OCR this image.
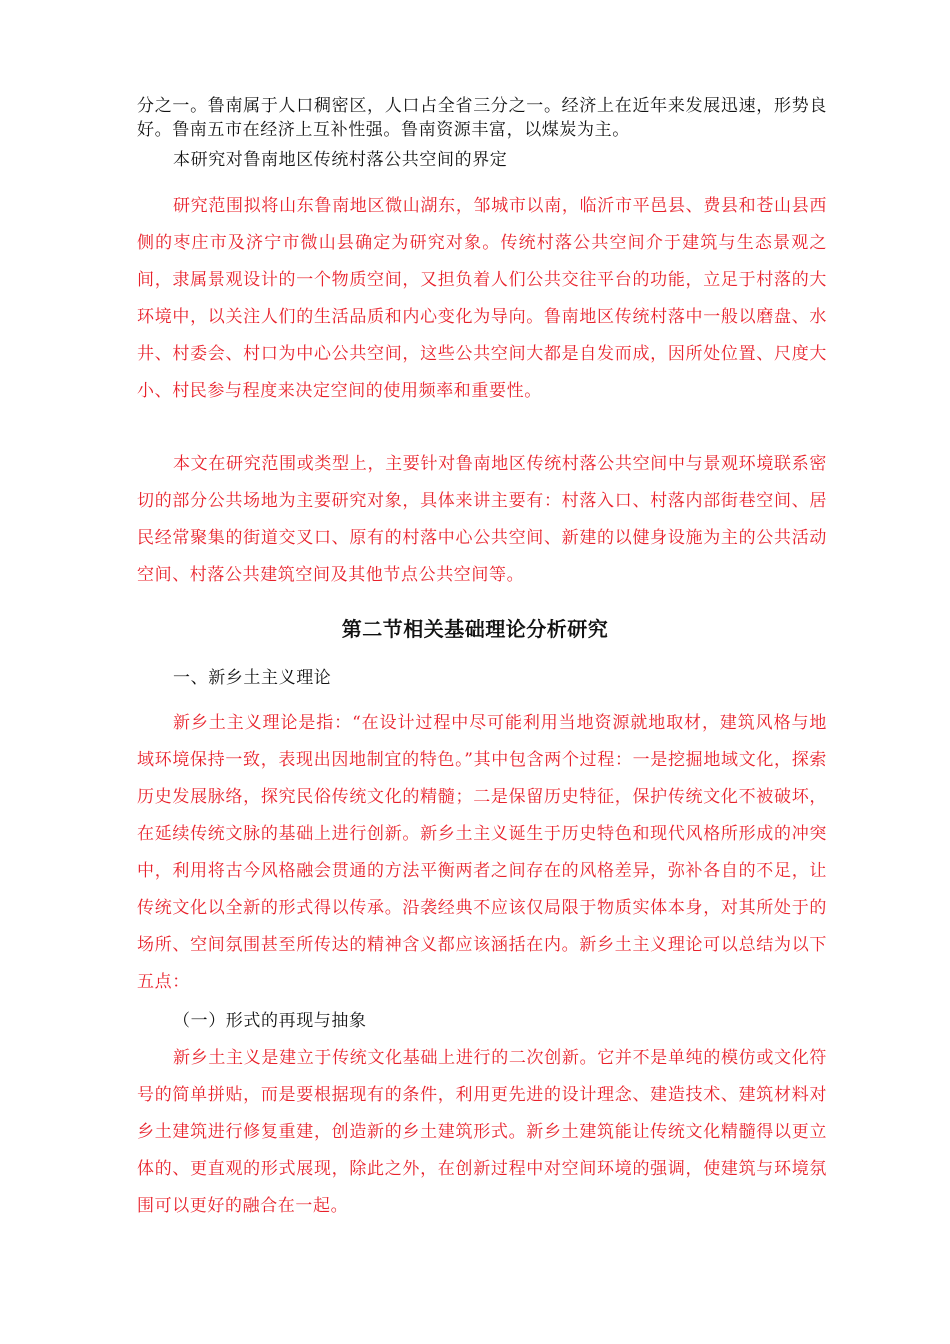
分之一。鲁南属于人口稠密区，人口占全省三分之一。经济上在近年来发展迅速，形势良好。鲁南五市在经济上互补性强。鲁南资源丰富，以煤炭为主。

本研究对鲁南地区传统村落公共空间的界定

研究范围拟将山东鲁南地区微山湖东，邹城市以南，临沂市平邑县、费县和苍山县西侧的枣庄市及济宁市微山县确定为研究对象。传统村落公共空间介于建筑与生态景观之间，隶属景观设计的一个物质空间，又担负着人们公共交往平台的功能，立足于村落的大环境中，以关注人们的生活品质和内心变化为导向。鲁南地区传统村落中一般以磨盘、水井、村委会、村口为中心公共空间，这些公共空间大都是自发而成，因所处位置、尺度大小、村民参与程度来决定空间的使用频率和重要性。

本文在研究范围或类型上，主要针对鲁南地区传统村落公共空间中与景观环境联系密切的部分公共场地为主要研究对象，具体来讲主要有：村落入口、村落内部街巷空间、居民经常聚集的街道交叉口、原有的村落中心公共空间、新建的以健身设施为主的公共活动空间、村落公共建筑空间及其他节点公共空间等。

第二节相关基础理论分析研究

一、新乡土主义理论

新乡土主义理论是指：“在设计过程中尽可能利用当地资源就地取材，建筑风格与地域环境保持一致，表现出因地制宜的特色。”其中包含两个过程：一是挖掘地域文化，探索历史发展脉络，探究民俗传统文化的精髓；二是保留历史特征，保护传统文化不被破坏，在延续传统文脉的基础上进行创新。新乡土主义诞生于历史特色和现代风格所形成的冲突中，利用将古今风格融会贯通的方法平衡两者之间存在的风格差异，弥补各自的不足，让传统文化以全新的形式得以传承。沿袭经典不应该仅局限于物质实体本身，对其所处于的场所、空间氛围甚至所传达的精神含义都应该涵括在内。新乡土主义理论可以总结为以下五点：

（一）形式的再现与抽象

新乡土主义是建立于传统文化基础上进行的二次创新。它并不是单纯的模仿或文化符号的简单拼贴，而是要根据现有的条件，利用更先进的设计理念、建造技术、建筑材料对乡土建筑进行修复重建，创造新的乡土建筑形式。新乡土建筑能让传统文化精髓得以更立体的、更直观的形式展现，除此之外，在创新过程中对空间环境的强调，使建筑与环境氛围可以更好的融合在一起。
